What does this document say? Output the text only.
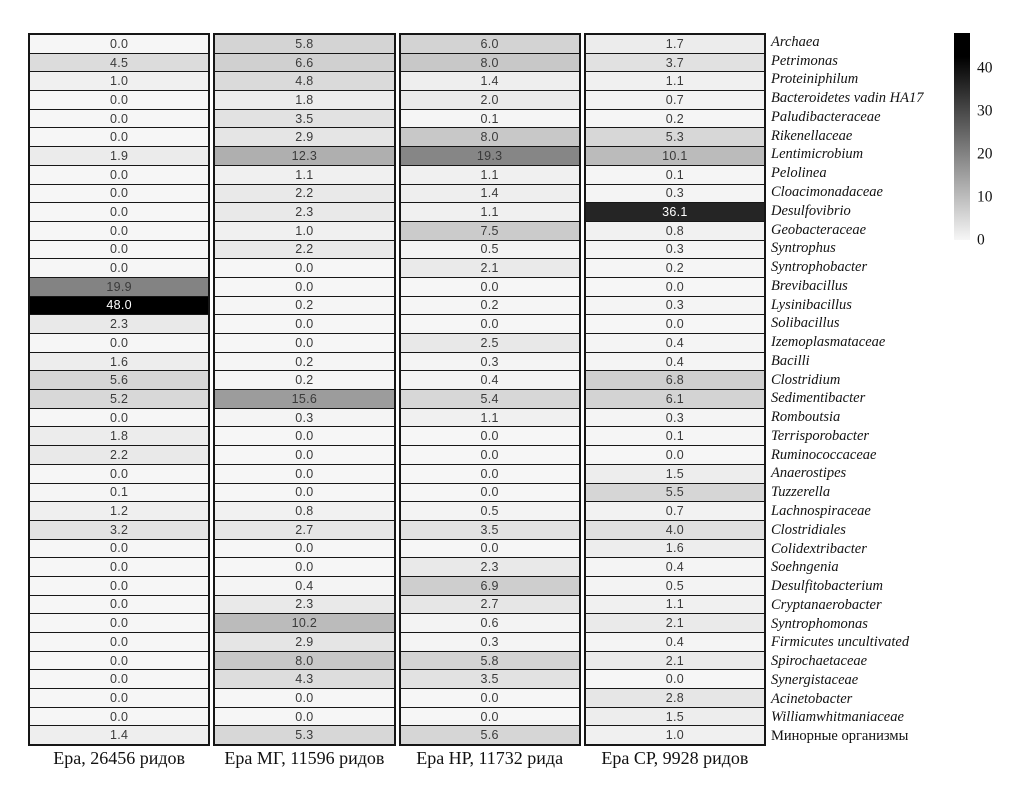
0.0
4.5
1.0
0.0
0.0
0.0
1.9
0.0
0.0
0.0
0.0
0.0
0.0
19.9
48.0
2.3
0.0
1.6
5.6
5.2
0.0
1.8
2.2
0.0
0.1
1.2
3.2
0.0
0.0
0.0
0.0
0.0
0.0
0.0
0.0
0.0
0.0
1.4
5.8
6.6
4.8
1.8
3.5
2.9
12.3
1.1
2.2
2.3
1.0
2.2
0.0
0.0
0.2
0.0
0.0
0.2
0.2
15.6
0.3
0.0
0.0
0.0
0.0
0.8
2.7
0.0
0.0
0.4
2.3
10.2
2.9
8.0
4.3
0.0
0.0
5.3
6.0
8.0
1.4
2.0
0.1
8.0
19.3
1.1
1.4
1.1
7.5
0.5
2.1
0.0
0.2
0.0
2.5
0.3
0.4
5.4
1.1
0.0
0.0
0.0
0.0
0.5
3.5
0.0
2.3
6.9
2.7
0.6
0.3
5.8
3.5
0.0
0.0
5.6
1.7
3.7
1.1
0.7
0.2
5.3
10.1
0.1
0.3
36.1
0.8
0.3
0.2
0.0
0.3
0.0
0.4
0.4
6.8
6.1
0.3
0.1
0.0
1.5
5.5
0.7
4.0
1.6
0.4
0.5
1.1
2.1
0.4
2.1
0.0
2.8
1.5
1.0
Archaea
Petrimonas
Proteiniphilum
Bacteroidetes vadin HA17
Paludibacteraceae
Rikenellaceae
Lentimicrobium
Pelolinea
Cloacimonadaceae
Desulfovibrio
Geobacteraceae
Syntrophus
Syntrophobacter
Brevibacillus
Lysinibacillus
Solibacillus
Izemoplasmataceae
Bacilli
Clostridium
Sedimentibacter
Romboutsia
Terrisporobacter
Ruminococcaceae
Anaerostipes
Tuzzerella
Lachnospiraceae
Clostridiales
Colidextribacter
Soehngenia
Desulfitobacterium
Cryptanaerobacter
Syntrophomonas
Firmicutes uncultivated
Spirochaetaceae
Synergistaceae
Acinetobacter
Williamwhitmaniaceae
Минорные организмы
Ера, 26456 ридов Ера МГ, 11596 ридов Ера НР, 11732 рида Ера СР, 9928 ридов
40
30
20
10
0
